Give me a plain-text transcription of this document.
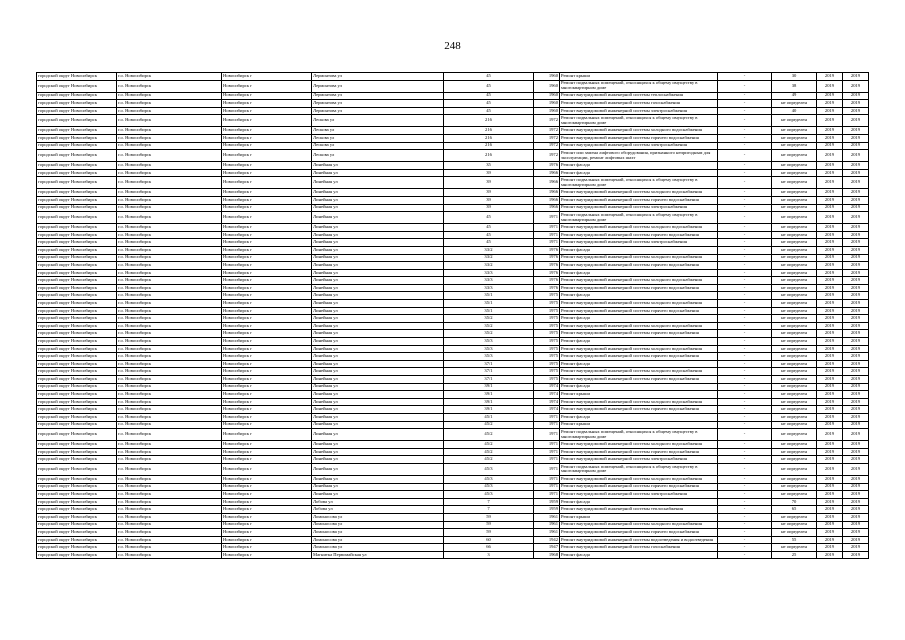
248
городской округ Новосибирск	г.о. Новосибирск	Новосибирск г	Лермонтова ул	45	1960	Ремонт крыши	-	30	2019	2019
городской округ Новосибирск	г.о. Новосибирск	Новосибирск г	Лермонтова ул	45	1960	Ремонт подвальных помещений, относящихся к общему имуществу в многоквартирном доме	-	38	2019	2019
городской округ Новосибирск	г.о. Новосибирск	Новосибирск г	Лермонтова ул	45	1960	Ремонт внутридомовой инженерной системы теплоснабжения	-	49	2019	2019
городской округ Новосибирск	г.о. Новосибирск	Новосибирск г	Лермонтова ул	45	1960	Ремонт внутридомовой инженерной системы газоснабжения	-	не определен	2019	2019
городской округ Новосибирск	г.о. Новосибирск	Новосибирск г	Лермонтова ул	45	1960	Ремонт внутридомовой инженерной системы электроснабжения	-	40	2019	2019
городской округ Новосибирск	г.о. Новосибирск	Новосибирск г	Лескова ул	216	1972	Ремонт подвальных помещений, относящихся к общему имуществу в многоквартирном доме	-	не определен	2019	2019
городской округ Новосибирск	г.о. Новосибирск	Новосибирск г	Лескова ул	216	1972	Ремонт внутридомовой инженерной системы холодного водоснабжения	-	не определен	2019	2019
городской округ Новосибирск	г.о. Новосибирск	Новосибирск г	Лескова ул	216	1972	Ремонт внутридомовой инженерной системы горячего водоснабжения	-	не определен	2019	2019
городской округ Новосибирск	г.о. Новосибирск	Новосибирск г	Лескова ул	216	1972	Ремонт внутридомовой инженерной системы электроснабжения	-	не определен	2019	2019
городской округ Новосибирск	г.о. Новосибирск	Новосибирск г	Лескова ул	216	1972	Ремонт или замена лифтового оборудования, признанного непригодным для эксплуатации, ремонт лифтовых шахт	-	не определен	2019	2019
городской округ Новосибирск	г.о. Новосибирск	Новосибирск г	Линейная ул	35	1976	Ремонт фасада	-	не определен	2019	2019
городской округ Новосибирск	г.о. Новосибирск	Новосибирск г	Линейная ул	39	1966	Ремонт фасада	-	не определен	2019	2019
городской округ Новосибирск	г.о. Новосибирск	Новосибирск г	Линейная ул	39	1966	Ремонт подвальных помещений, относящихся к общему имуществу в многоквартирном доме	-	не определен	2019	2019
городской округ Новосибирск	г.о. Новосибирск	Новосибирск г	Линейная ул	39	1966	Ремонт внутридомовой инженерной системы холодного водоснабжения	-	не определен	2019	2019
городской округ Новосибирск	г.о. Новосибирск	Новосибирск г	Линейная ул	39	1966	Ремонт внутридомовой инженерной системы горячего водоснабжения	-	не определен	2019	2019
городской округ Новосибирск	г.о. Новосибирск	Новосибирск г	Линейная ул	39	1966	Ремонт внутридомовой инженерной системы электроснабжения	-	не определен	2019	2019
городской округ Новосибирск	г.о. Новосибирск	Новосибирск г	Линейная ул	45	1971	Ремонт подвальных помещений, относящихся к общему имуществу в многоквартирном доме	-	не определен	2019	2019
городской округ Новосибирск	г.о. Новосибирск	Новосибирск г	Линейная ул	45	1971	Ремонт внутридомовой инженерной системы холодного водоснабжения	-	не определен	2019	2019
городской округ Новосибирск	г.о. Новосибирск	Новосибирск г	Линейная ул	45	1971	Ремонт внутридомовой инженерной системы горячего водоснабжения	-	не определен	2019	2019
городской округ Новосибирск	г.о. Новосибирск	Новосибирск г	Линейная ул	45	1971	Ремонт внутридомовой инженерной системы электроснабжения	-	не определен	2019	2019
городской округ Новосибирск	г.о. Новосибирск	Новосибирск г	Линейная ул	33/2	1976	Ремонт фасада	-	не определен	2019	2019
городской округ Новосибирск	г.о. Новосибирск	Новосибирск г	Линейная ул	33/2	1976	Ремонт внутридомовой инженерной системы холодного водоснабжения	-	не определен	2019	2019
городской округ Новосибирск	г.о. Новосибирск	Новосибирск г	Линейная ул	33/2	1976	Ремонт внутридомовой инженерной системы горячего водоснабжения	-	не определен	2019	2019
городской округ Новосибирск	г.о. Новосибирск	Новосибирск г	Линейная ул	33/3	1976	Ремонт фасада	-	не определен	2019	2019
городской округ Новосибирск	г.о. Новосибирск	Новосибирск г	Линейная ул	33/3	1976	Ремонт внутридомовой инженерной системы холодного водоснабжения	-	не определен	2019	2019
городской округ Новосибирск	г.о. Новосибирск	Новосибирск г	Линейная ул	33/3	1976	Ремонт внутридомовой инженерной системы горячего водоснабжения	-	не определен	2019	2019
городской округ Новосибирск	г.о. Новосибирск	Новосибирск г	Линейная ул	35/1	1975	Ремонт фасада	-	не определен	2019	2019
городской округ Новосибирск	г.о. Новосибирск	Новосибирск г	Линейная ул	35/1	1975	Ремонт внутридомовой инженерной системы холодного водоснабжения	-	не определен	2019	2019
городской округ Новосибирск	г.о. Новосибирск	Новосибирск г	Линейная ул	35/1	1975	Ремонт внутридомовой инженерной системы горячего водоснабжения	-	не определен	2019	2019
городской округ Новосибирск	г.о. Новосибирск	Новосибирск г	Линейная ул	35/2	1975	Ремонт фасада	-	не определен	2019	2019
городской округ Новосибирск	г.о. Новосибирск	Новосибирск г	Линейная ул	35/2	1975	Ремонт внутридомовой инженерной системы холодного водоснабжения	-	не определен	2019	2019
городской округ Новосибирск	г.о. Новосибирск	Новосибирск г	Линейная ул	35/2	1975	Ремонт внутридомовой инженерной системы горячего водоснабжения	-	не определен	2019	2019
городской округ Новосибирск	г.о. Новосибирск	Новосибирск г	Линейная ул	35/3	1975	Ремонт фасада	-	не определен	2019	2019
городской округ Новосибирск	г.о. Новосибирск	Новосибирск г	Линейная ул	35/3	1975	Ремонт внутридомовой инженерной системы холодного водоснабжения	-	не определен	2019	2019
городской округ Новосибирск	г.о. Новосибирск	Новосибирск г	Линейная ул	35/3	1975	Ремонт внутридомовой инженерной системы горячего водоснабжения	-	не определен	2019	2019
городской округ Новосибирск	г.о. Новосибирск	Новосибирск г	Линейная ул	37/1	1975	Ремонт фасада	-	не определен	2019	2019
городской округ Новосибирск	г.о. Новосибирск	Новосибирск г	Линейная ул	37/1	1975	Ремонт внутридомовой инженерной системы холодного водоснабжения	-	не определен	2019	2019
городской округ Новосибирск	г.о. Новосибирск	Новосибирск г	Линейная ул	37/1	1975	Ремонт внутридомовой инженерной системы горячего водоснабжения	-	не определен	2019	2019
городской округ Новосибирск	г.о. Новосибирск	Новосибирск г	Линейная ул	39/1	1974	Ремонт фасада	-	не определен	2019	2019
городской округ Новосибирск	г.о. Новосибирск	Новосибирск г	Линейная ул	39/1	1974	Ремонт крыши	-	не определен	2019	2019
городской округ Новосибирск	г.о. Новосибирск	Новосибирск г	Линейная ул	39/1	1974	Ремонт внутридомовой инженерной системы холодного водоснабжения	-	не определен	2019	2019
городской округ Новосибирск	г.о. Новосибирск	Новосибирск г	Линейная ул	39/1	1974	Ремонт внутридомовой инженерной системы горячего водоснабжения	-	не определен	2019	2019
городской округ Новосибирск	г.о. Новосибирск	Новосибирск г	Линейная ул	45/1	1971	Ремонт фасада	-	не определен	2019	2019
городской округ Новосибирск	г.о. Новосибирск	Новосибирск г	Линейная ул	45/2	1971	Ремонт крыши	-	не определен	2019	2019
городской округ Новосибирск	г.о. Новосибирск	Новосибирск г	Линейная ул	45/2	1971	Ремонт подвальных помещений, относящихся к общему имуществу в многоквартирном доме	-	не определен	2019	2019
городской округ Новосибирск	г.о. Новосибирск	Новосибирск г	Линейная ул	45/2	1971	Ремонт внутридомовой инженерной системы холодного водоснабжения	-	не определен	2019	2019
городской округ Новосибирск	г.о. Новосибирск	Новосибирск г	Линейная ул	45/2	1971	Ремонт внутридомовой инженерной системы горячего водоснабжения	-	не определен	2019	2019
городской округ Новосибирск	г.о. Новосибирск	Новосибирск г	Линейная ул	45/2	1971	Ремонт внутридомовой инженерной системы электроснабжения	-	не определен	2019	2019
городской округ Новосибирск	г.о. Новосибирск	Новосибирск г	Линейная ул	45/3	1971	Ремонт подвальных помещений, относящихся к общему имуществу в многоквартирном доме	-	не определен	2019	2019
городской округ Новосибирск	г.о. Новосибирск	Новосибирск г	Линейная ул	45/3	1971	Ремонт внутридомовой инженерной системы холодного водоснабжения	-	не определен	2019	2019
городской округ Новосибирск	г.о. Новосибирск	Новосибирск г	Линейная ул	45/3	1971	Ремонт внутридомовой инженерной системы горячего водоснабжения	-	не определен	2019	2019
городской округ Новосибирск	г.о. Новосибирск	Новосибирск г	Линейная ул	45/3	1971	Ремонт внутридомовой инженерной системы электроснабжения	-	не определен	2019	2019
городской округ Новосибирск	г.о. Новосибирск	Новосибирск г	Лобова ул	7	1959	Ремонт фасада	-	70	2019	2019
городской округ Новосибирск	г.о. Новосибирск	Новосибирск г	Лобова ул	7	1959	Ремонт внутридомовой инженерной системы теплоснабжения	-	65	2019	2019
городской округ Новосибирск	г.о. Новосибирск	Новосибирск г	Ломоносова ул	59	1961	Ремонт крыши	-	не определен	2019	2019
городской округ Новосибирск	г.о. Новосибирск	Новосибирск г	Ломоносова ул	59	1961	Ремонт внутридомовой инженерной системы холодного водоснабжения	-	не определен	2019	2019
городской округ Новосибирск	г.о. Новосибирск	Новосибирск г	Ломоносова ул	59	1961	Ремонт внутридомовой инженерной системы горячего водоснабжения	-	не определен	2019	2019
городской округ Новосибирск	г.о. Новосибирск	Новосибирск г	Ломоносова ул	60	1942	Ремонт внутридомовой инженерной системы водоотведения и водоотведения	-	55	2019	2019
городской округ Новосибирск	г.о. Новосибирск	Новосибирск г	Ломоносова ул	66	1947	Ремонт внутридомовой инженерной системы газоснабжения	-	не определен	2019	2019
городской округ Новосибирск	г.о. Новосибирск	Новосибирск г	Магнитка Первомайская ул	3	1968	Ремонт фасада	-	25	2019	2019
